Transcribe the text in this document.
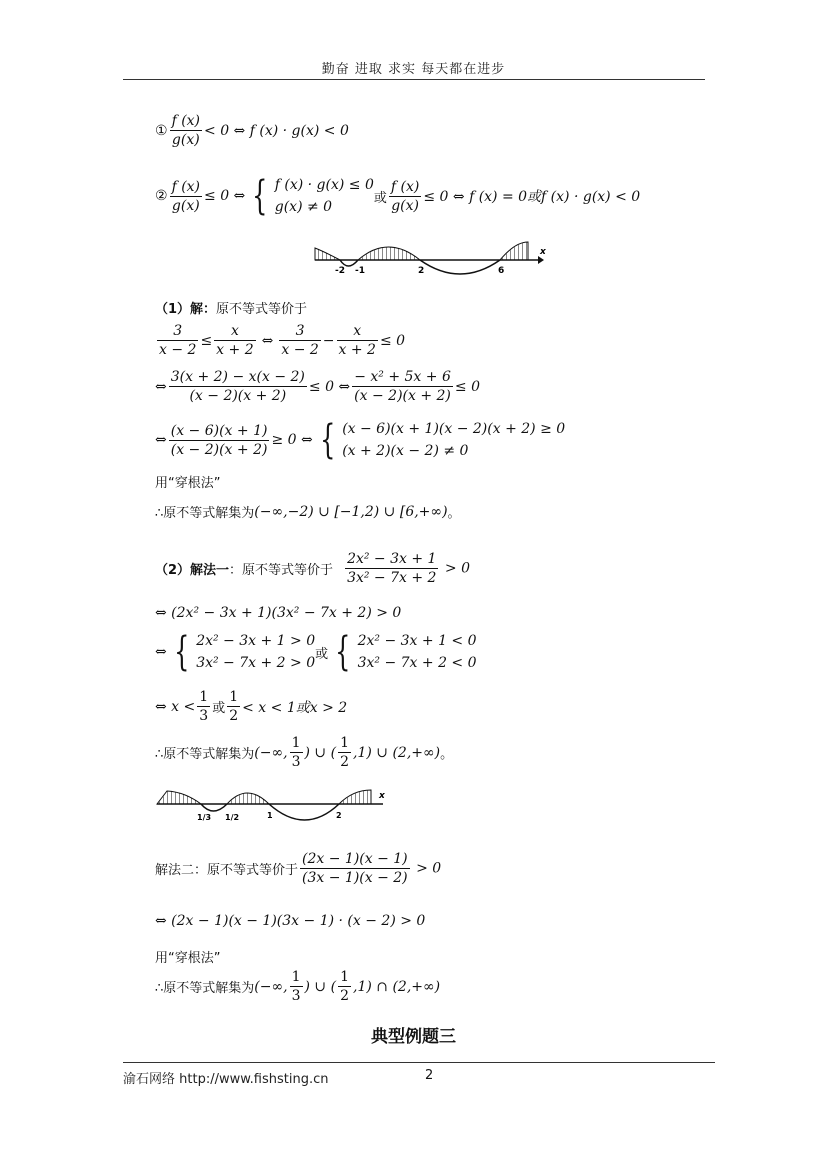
勤奋 进取 求实 每天都在进步
① $\frac{f (x)}{g(x)} < 0$ ⇔ f (x) · g(x) < 0
② $\frac{f (x)}{g(x)} \le 0$ ⇔ { f (x) · g(x) ≤ 0
g(x) ≠ 0
或 $\frac{f (x)}{g(x)} \le 0$ ⇔ f (x) = 0或f (x) · g(x) < 0
-2 -1	2	6
x
（1）解：原不等式等价于
$\frac{3}{x - 2} \le \frac{x}{x + 2}$ ⇔ $\frac{3}{x - 2} - \frac{x}{x + 2} \le 0$
⇔ $\frac{3(x + 2) - x(x - 2)}{(x - 2)(x + 2)} \le 0$ ⇔ $\frac{\text{− x² + 5x + 6}}{(x - 2)(x + 2)} \le 0$
⇔ $\frac{(x - 6)(x + 1)}{(x - 2)(x + 2)} \ge 0$ ⇔ { (x − 6)(x + 1)(x − 2)(x + 2) ≥ 0
(x + 2)(x − 2) ≠ 0
用“穿根法”
∴原不等式解集为 (−∞,−2) ∪ [−1,2) ∪ [6,+∞) 。
（2）解法一 ：原不等式等价于 $\frac{\text{2x² − 3x + 1}}{\text{3x² − 7x + 2}} > 0$
⇔ (2x² − 3x + 1)(3x² − 7x + 2) > 0
⇔ { 2x² − 3x + 1 > 0
3x² − 7x + 2 > 0
或 { 2x² − 3x + 1 < 0
3x² − 7x + 2 < 0
⇔ $x < \frac{1}{3}$ 或 $\frac{1}{2} < x < 1$或x > 2
∴原不等式解集为 (−∞, $\frac{1}{3}$ ) ∪ ( $\frac{1}{2} ,1$) ∪ (2,+∞) 。
1/3 1/2	1	2
x
解法二：原不等式等价于 $\frac{(2x - 1)(x - 1)}{(3x - 1)(x - 2)} > 0$
⇔ (2x − 1)(x − 1)(3x − 1) · (x − 2) > 0
用“穿根法”
∴原不等式解集为 (−∞, $\frac{1}{3}$ ) ∪ ( $\frac{1}{2} ,1$) ∩ (2,+∞)
典型例题三
渝石网络 http://www.fishsting.cn	2
